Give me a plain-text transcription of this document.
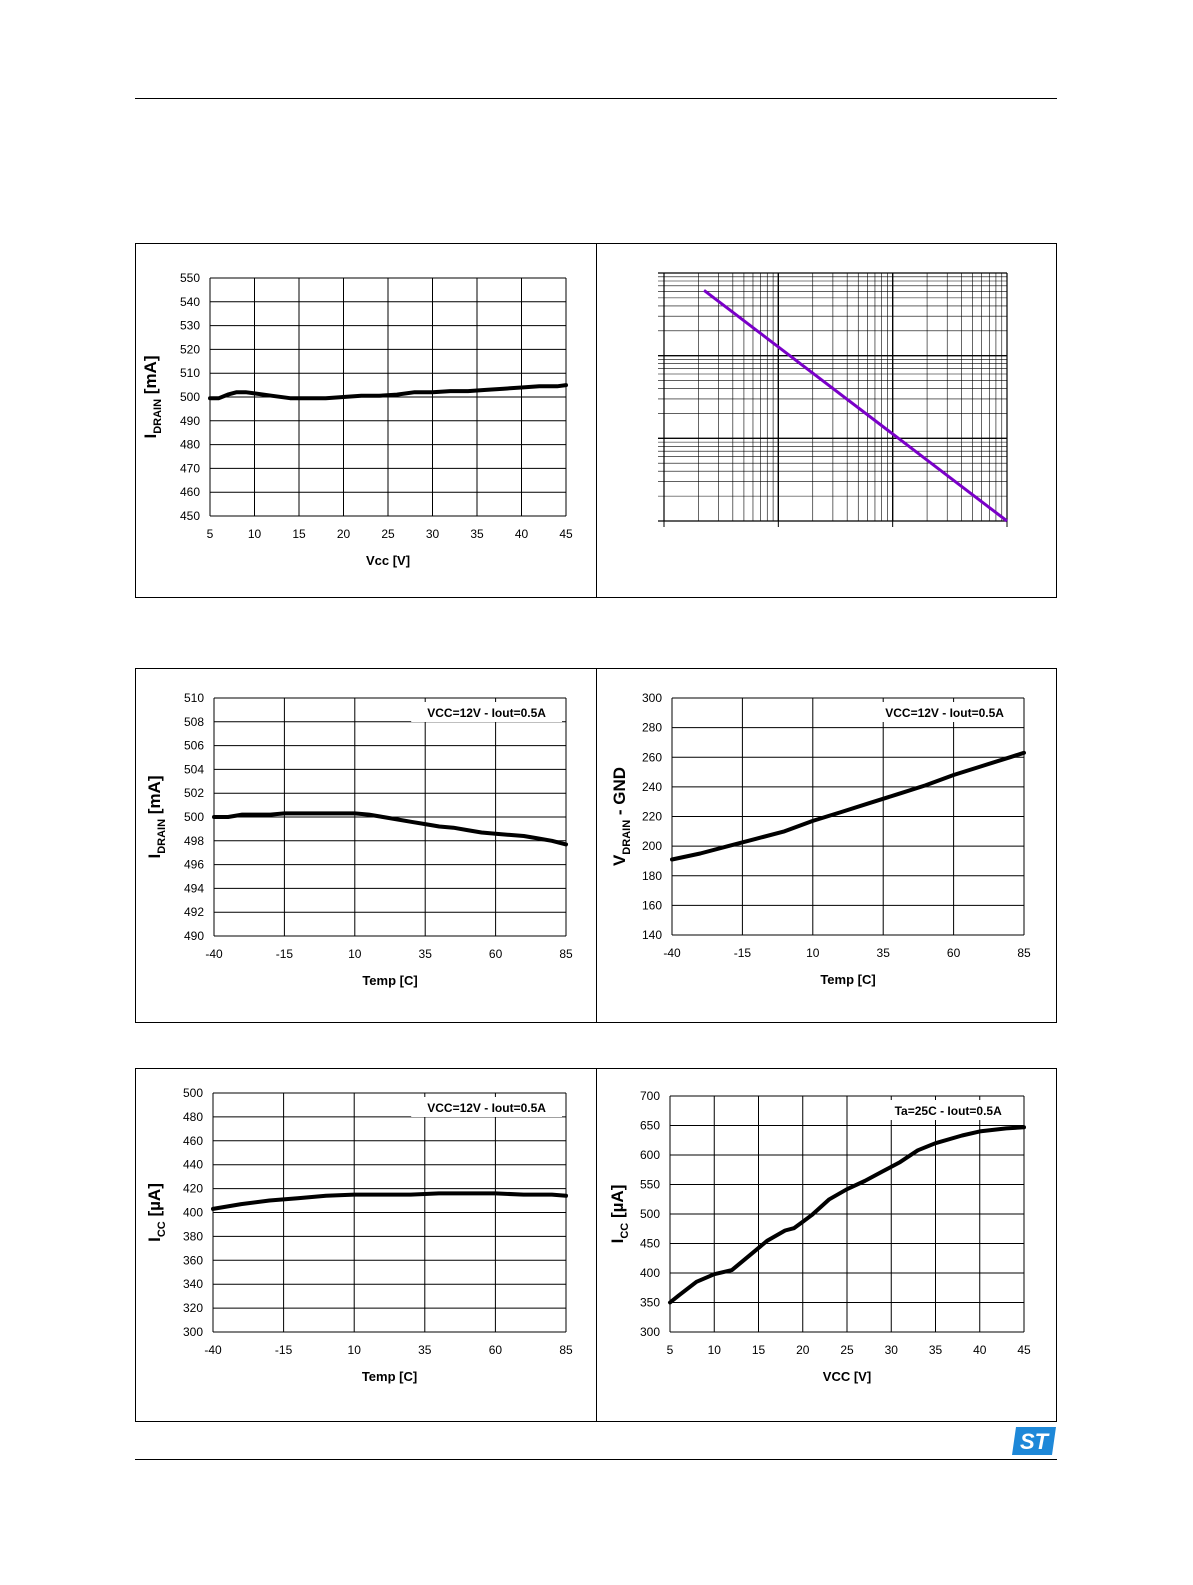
450
460
470
480
490
500
510
520
530
540
550
5	10	15	20	25	30	35	40	45
Vcc [V]
$I_{DRAIN}$ [mA]
490
492
494
496
498
500
502
504
506
508
510
-40	-15	10	35	60	85
Temp [C]
$I_{DRAIN}$ [mA]
VCC=12V - Iout=0.5A
140
160
180
200
220
240
260
280
300
-40	-15	10	35	60	85
Temp [C]
$V_{DRAIN}$ - GND
VCC=12V - Iout=0.5A
300
320
340
360
380
400
420
440
460
480
500
-40	-15	10	35	60	85
Temp [C]
$I_{CC}$ [µA]
VCC=12V - Iout=0.5A
300
350
400
450
500
550
600
650
700
5	10	15	20	25	30	35	40	45
VCC [V]
$I_{CC}$ [µA]
Ta=25C - Iout=0.5A
ST
